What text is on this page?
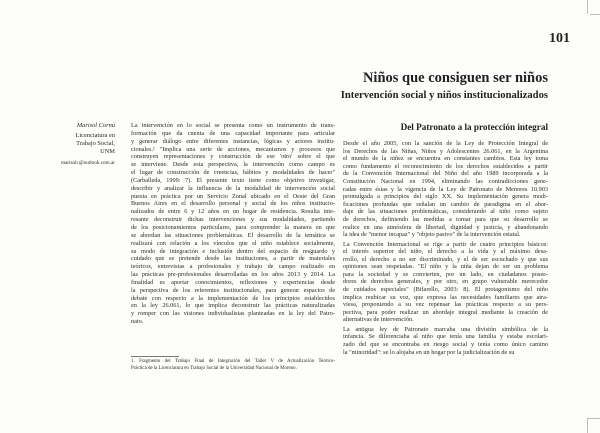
101
Niños que consiguen ser niños
Intervención social y niños institucionalizados
Marisol Cornú
Licenciatura en
Trabajo Social,
UNM
marisolc@outlook.com.ar
La intervención en lo social se presenta como un instrumento de trans-
formación que da cuenta de una capacidad importante para articular
y generar diálogo entre diferentes instancias, lógicas y actores institu-
cionales.¹ "Implica una serie de acciones, mecanismos y procesos que
construyen representaciones y construcción de ese 'otro' sobre el que
se interviene. Desde esta perspectiva, la intervención como campo es
el lugar de construcción de creencias, hábitos y modalidades de hacer"
(Carballeda, 1999: 7). El presente texto tiene como objetivo investigar,
describir y analizar la influencia de la modalidad de intervención social
puesta en práctica por un Servicio Zonal ubicado en el Oeste del Gran
Buenos Aires en el desarrollo personal y social de los niños institucio-
nalizados de entre 6 y 12 años en un hogar de residencia. Resulta inte-
resante deconstruir dichas intervenciones y sus modalidades, partiendo
de los posicionamientos particulares, para comprender la manera en que
se abordan las situaciones problemáticas. El desarrollo de la temática se
realizará con relación a los vínculos que el niño establece socialmente,
su modo de integración e inclusión dentro del espacio de resguardo y
cuidado que se pretende desde las instituciones, a partir de materiales
teóricos, entrevistas a profesionales y trabajo de campo realizado en
las prácticas pre-profesionales desarrolladas en los años 2013 y 2014. La
finalidad es aportar conocimientos, reflexiones y experiencias desde
la perspectiva de los referentes institucionales, para generar espacios de
debate con respecto a la implementación de los principios establecidos
en la ley 26.061, lo que implica deconstruir las prácticas naturalizadas
y romper con las visiones individualistas planteadas en la ley del Patro-
nato.
1. Fragmento del Trabajo Final de Integración del Taller V de Actualización Teórico-
Práctica de la Licenciatura en Trabajo Social de la Universidad Nacional de Moreno.
Del Patronato a la protección integral
Desde el año 2005, con la sanción de la Ley de Protección Integral de
los Derechos de las Niñas, Niños y Adolescentes 26.061, en la Argentina
el mundo de la niñez se encuentra en constantes cambios. Esta ley toma
como fundamento el reconocimiento de los derechos establecidos a partir
de la Convención Internacional del Niño del año 1989 incorporada a la
Constitución Nacional en 1994, eliminando las contradicciones gene-
radas entre éstas y la vigencia de la Ley de Patronato de Menores 10.903
promulgada a principios del siglo XX. Su implementación genera modi-
ficaciones profundas que señalan un cambio de paradigma en el abor-
daje de las situaciones problemáticas, considerando al niño como sujeto
de derechos, definiendo las medidas a tomar para que su desarrollo se
realice en una atmósfera de libertad, dignidad y justicia, y abandonando
la idea de "menor incapaz" y "objeto pasivo" de la intervención estatal.
La Convención Internacional se rige a partir de cuatro principios básicos:
el interés superior del niño, el derecho a la vida y al máximo desa-
rrollo, el derecho a no ser discriminado, y el de ser escuchado y que sus
opiniones sean respetadas. "El niño y la niña dejan de ser un problema
para la sociedad y se convierten, por un lado, en ciudadanos posee-
dores de derechos generales, y por otro, en grupo vulnerable merecedor
de cuidados especiales" (Bifarello, 2003: 8). El protagonismo del niño
implica reubicar su voz, que expresa las necesidades familiares que atra-
viesa, proponiendo a su vez repensar las prácticas respecto a su pers-
pectiva, para poder realizar un abordaje integral mediante la creación de
alternativas de intervención.
La antigua ley de Patronato marcaba una división simbólica de la
infancia. Se diferenciaba al niño que tenía una familia y estaba escolari-
zado del que se encontraba en riesgo social y tenía como único camino
la "minoridad": se lo alojaba en un hogar por la judicialización de su
